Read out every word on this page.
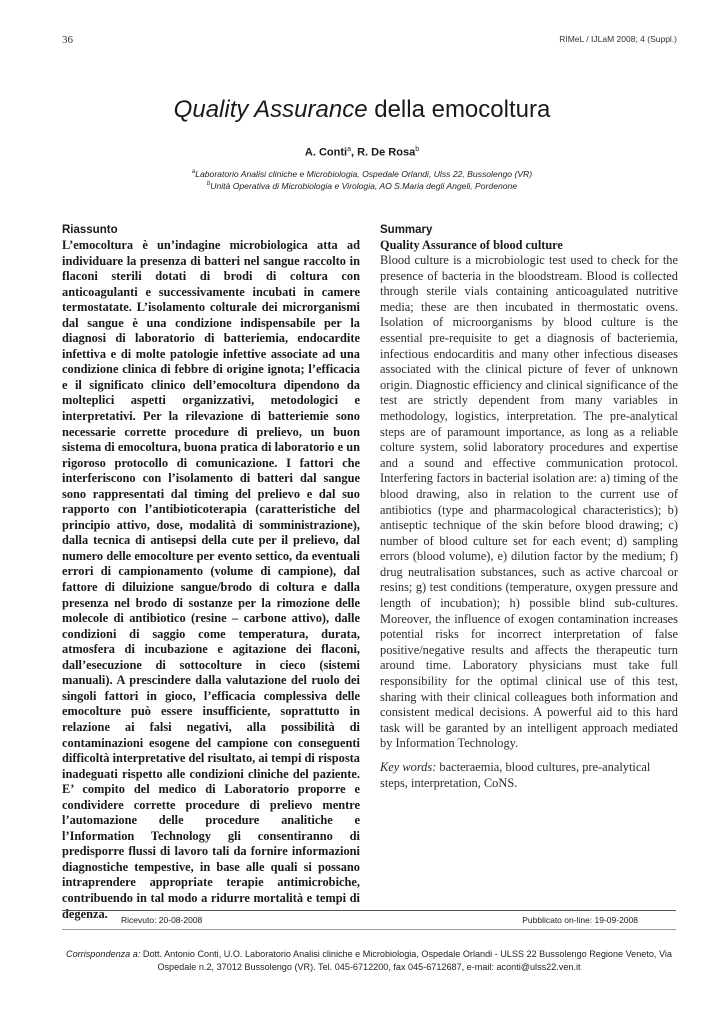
36	RIMeL / IJLaM 2008; 4 (Suppl.)
Quality Assurance della emocoltura
A. Conti$^a$, R. De Rosa$^b$
$^a$Laboratorio Analisi cliniche e Microbiologia, Ospedale Orlandi, Ulss 22, Bussolengo (VR)
$^b$Unità Operativa di Microbiologia e Virologia, AO S.Maria degli Angeli, Pordenone
Riassunto
L’emocoltura è un’indagine microbiologica atta ad individuare la presenza di batteri nel sangue raccolto in flaconi sterili dotati di brodi di coltura con anticoagulanti e successivamente incubati in camere termostatate. L’isolamento colturale dei microrganismi dal sangue è una condizione indispensabile per la diagnosi di laboratorio di batteriemia, endocardite infettiva e di molte patologie infettive associate ad una condizione clinica di febbre di origine ignota; l’efficacia e il significato clinico dell’emocoltura dipendono da molteplici aspetti organizzativi, metodologici e interpretativi. Per la rilevazione di batteriemie sono necessarie corrette procedure di prelievo, un buon sistema di emocoltura, buona pratica di laboratorio e un rigoroso protocollo di comunicazione. I fattori che interferiscono con l’isolamento di batteri dal sangue sono rappresentati dal timing del prelievo e dal suo rapporto con l’antibioticoterapia (caratteristiche del principio attivo, dose, modalità di somministrazione), dalla tecnica di antisepsi della cute per il prelievo, dal numero delle emocolture per evento settico, da eventuali errori di campionamento (volume di campione), dal fattore di diluizione sangue/brodo di coltura e dalla presenza nel brodo di sostanze per la rimozione delle molecole di antibiotico (resine – carbone attivo), dalle condizioni di saggio come temperatura, durata, atmosfera di incubazione e agitazione dei flaconi, dall’esecuzione di sottocolture in cieco (sistemi manuali). A prescindere dalla valutazione del ruolo dei singoli fattori in gioco, l’efficacia complessiva delle emocolture può essere insufficiente, soprattutto in relazione ai falsi negativi, alla possibilità di contaminazioni esogene del campione con conseguenti difficoltà interpretative del risultato, ai tempi di risposta inadeguati rispetto alle condizioni cliniche del paziente. E’ compito del medico di Laboratorio proporre e condividere corrette procedure di prelievo mentre l’automazione delle procedure analitiche e l’Information Technology gli consentiranno di predisporre flussi di lavoro tali da fornire informazioni diagnostiche tempestive, in base alle quali si possano intraprendere appropriate terapie antimicrobiche, contribuendo in tal modo a ridurre mortalità e tempi di degenza.
Summary
Quality Assurance of blood culture
Blood culture is a microbiologic test used to check for the presence of bacteria in the bloodstream. Blood is collected through sterile vials containing anticoagulated nutritive media; these are then incubated in thermostatic ovens. Isolation of microorganisms by blood culture is the essential pre-requisite to get a diagnosis of bacteriemia, infectious endocarditis and many other infectious diseases associated with the clinical picture of fever of unknown origin. Diagnostic efficiency and clinical significance of the test are strictly dependent from many variables in methodology, logistics, interpretation. The pre-analytical steps are of paramount importance, as long as a reliable colture system, solid laboratory procedures and expertise and a sound and effective communication protocol. Interfering factors in bacterial isolation are: a) timing of the blood drawing, also in relation to the current use of antibiotics (type and pharmacological characteristics); b) antiseptic technique of the skin before blood drawing; c) number of blood culture set for each event; d) sampling errors (blood volume), e) dilution factor by the medium; f) drug neutralisation substances, such as active charcoal or resins; g) test conditions (temperature, oxygen pressure and length of incubation); h) possible blind sub-cultures. Moreover, the influence of exogen contamination increases potential risks for incorrect interpretation of false positive/negative results and affects the therapeutic turn around time. Laboratory physicians must take full responsibility for the optimal clinical use of this test, sharing with their clinical colleagues both information and consistent medical decisions. A powerful aid to this hard task will be garanted by an intelligent approach mediated by Information Technology.
Key words: bacteraemia, blood cultures, pre-analytical steps, interpretation, CoNS.
Ricevuto: 20-08-2008	Pubblicato on-line: 19-09-2008
Corrispondenza a: Dott. Antonio Conti, U.O. Laboratorio Analisi cliniche e Microbiologia, Ospedale Orlandi - ULSS 22 Bussolengo Regione Veneto, Via Ospedale n.2, 37012 Bussolengo (VR). Tel. 045-6712200, fax 045-6712687, e-mail: aconti@ulss22.ven.it
